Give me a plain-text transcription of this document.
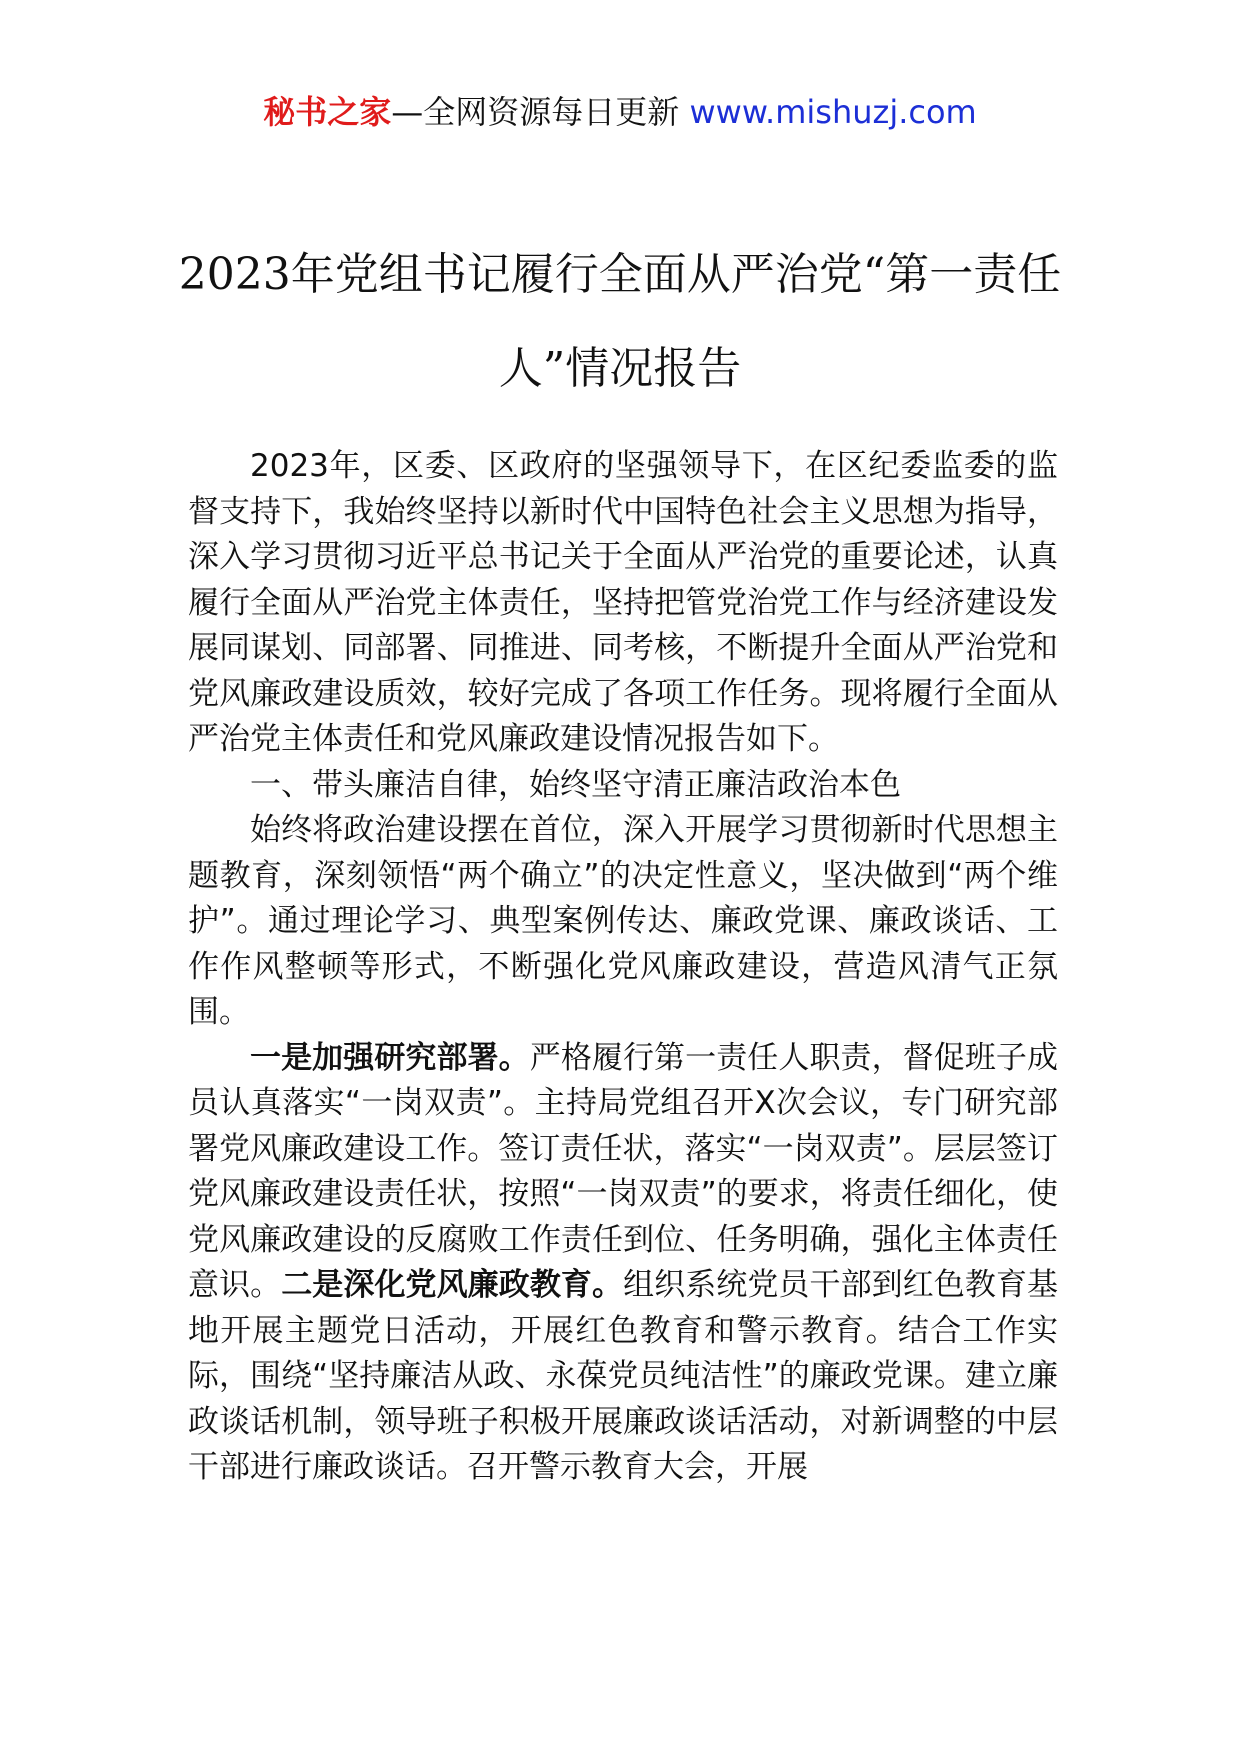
秘书之家—全网资源每日更新 www.mishuzj.com
2023年党组书记履行全面从严治党“第一责任人”情况报告

2023年，区委、区政府的坚强领导下，在区纪委监委的监督支持下，我始终坚持以新时代中国特色社会主义思想为指导，深入学习贯彻习近平总书记关于全面从严治党的重要论述，认真履行全面从严治党主体责任，坚持把管党治党工作与经济建设发展同谋划、同部署、同推进、同考核，不断提升全面从严治党和党风廉政建设质效，较好完成了各项工作任务。现将履行全面从严治党主体责任和党风廉政建设情况报告如下。

一、带头廉洁自律，始终坚守清正廉洁政治本色

始终将政治建设摆在首位，深入开展学习贯彻新时代思想主题教育，深刻领悟“两个确立”的决定性意义，坚决做到“两个维护”。通过理论学习、典型案例传达、廉政党课、廉政谈话、工作作风整顿等形式，不断强化党风廉政建设，营造风清气正氛围。

一是加强研究部署。严格履行第一责任人职责，督促班子成员认真落实“一岗双责”。主持局党组召开X次会议，专门研究部署党风廉政建设工作。签订责任状，落实“一岗双责”。层层签订党风廉政建设责任状，按照“一岗双责”的要求，将责任细化，使党风廉政建设的反腐败工作责任到位、任务明确，强化主体责任意识。二是深化党风廉政教育。组织系统党员干部到红色教育基地开展主题党日活动，开展红色教育和警示教育。结合工作实际，围绕“坚持廉洁从政、永葆党员纯洁性”的廉政党课。建立廉政谈话机制，领导班子积极开展廉政谈话活动，对新调整的中层干部进行廉政谈话。召开警示教育大会，开展
